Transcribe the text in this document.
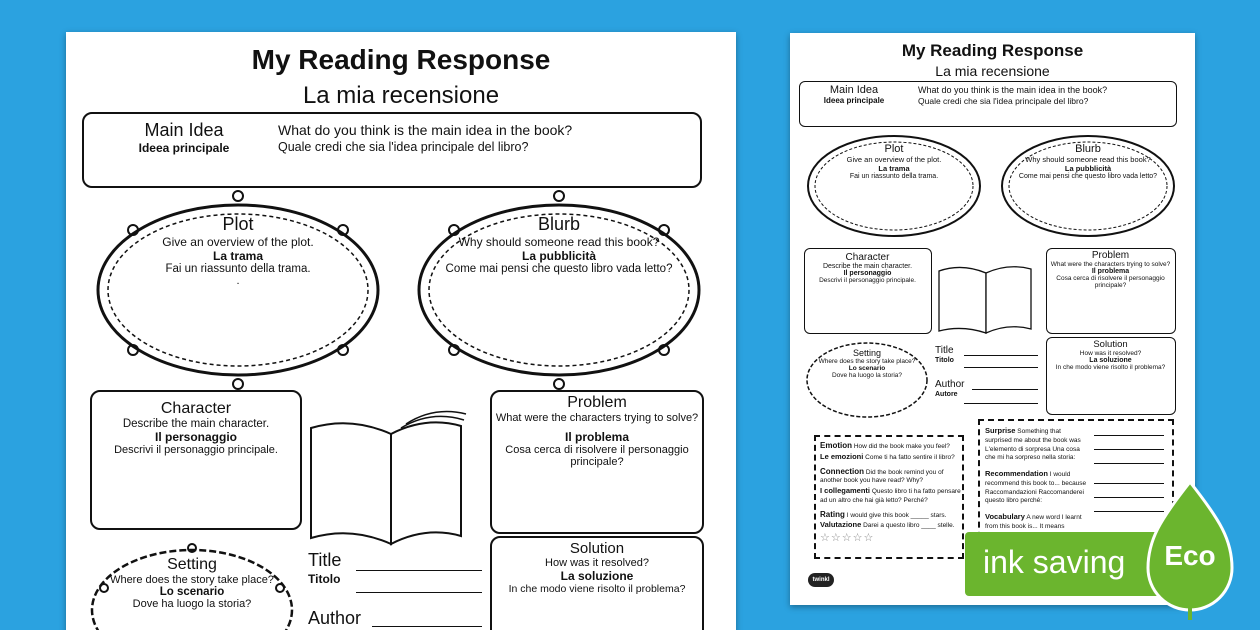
My Reading Response
La mia recensione
Main Idea
Ideea principale
What do you think is the main idea in the book?
Quale credi che sia l'idea principale del libro?
Plot
Give an overview of the plot.
La trama
Fai un riassunto della trama.
.
Blurb
Why should someone read this book?
La pubblicità
Come mai pensi che questo libro vada letto?
Character
Describe the main character.
Il personaggio
Descrivi il personaggio principale.
Problem
What were the characters trying to solve?
Il problema
Cosa cerca di risolvere il personaggio principale?
Setting
Where does the story take place?
Lo scenario
Dove ha luogo la storia?
Title
Titolo
Author
Solution
How was it resolved?
La soluzione
In che modo viene risolto il problema?
My Reading Response
La mia recensione
Main Idea
Ideea principale
What do you think is the main idea in the book?
Quale credi che sia l'idea principale del libro?
Plot
Give an overview of the plot.
La trama
Fai un riassunto della trama.
Blurb
Why should someone read this book?
La pubblicità
Come mai pensi che questo libro vada letto?
Character
Describe the main character.
Il personaggio
Descrivi il personaggio principale.
Problem
What were the characters trying to solve?
Il problema
Cosa cerca di risolvere il personaggio principale?
Setting
Where does the story take place?
Lo scenario
Dove ha luogo la storia?
Title
Titolo
Author
Autore
Solution
How was it resolved?
La soluzione
In che modo viene risolto il problema?
Emotion How did the book make you feel?
Le emozioni Come ti ha fatto sentire il libro?
Connection Did the book remind you of another book you have read? Why?
I collegamenti Questo libro ti ha fatto pensare ad un altro che hai già letto? Perché?
Rating I would give this book _____ stars.
Valutazione Darei a questo libro ____ stelle.
☆☆☆☆☆
Surprise Something that surprised me about the book was
L'elemento di sorpresa Una cosa che mi ha sorpreso nella storia:
Recommendation I would recommend this book to... because
Raccomandazioni Raccomanderei questo libro perché:
Vocabulary A new word I learnt from this book is... It means
twinkl	ink saving	Eco
